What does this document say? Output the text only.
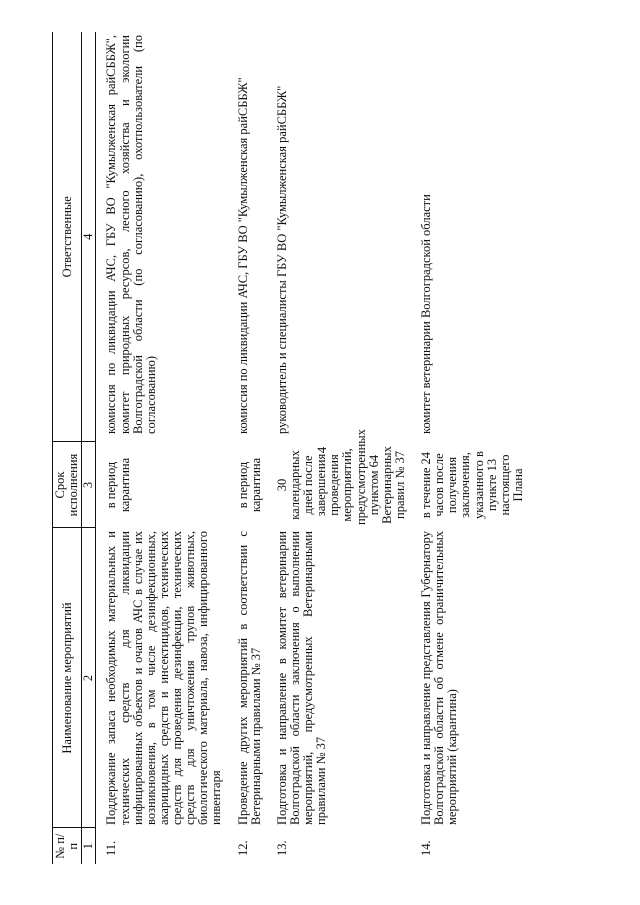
4
№ п/п	Наименование мероприятий	Срок исполнения	Ответственные
1	2	3	4
11.	Поддержание запаса необходимых материальных и технических средств для ликвидации инфицированных объектов и очагов АЧС в случае их возникновения, в том числе дезинфекционных, акарицидных средств и инсектицидов, технических средств для проведения дезинфекции, технических средств для уничтожения трупов животных, биологического материала, навоза, инфицированного инвентаря	в период карантина	комиссия по ликвидации АЧС, ГБУ ВО "Кумылженская райСББЖ", комитет природных ресурсов, лесного хозяйства и экологии Волгоградской области (по согласованию), охотпользователи (по согласованию)
12.	Проведение других мероприятий в соответствии с Ветеринарными правилами № 37	в период карантина	комиссия по ликвидации АЧС, ГБУ ВО "Кумылженская райСББЖ"
13.	Подготовка и направление в комитет ветеринарии Волгоградской области заключения о выполнении мероприятий, предусмотренных Ветеринарными правилами № 37	30 календарных дней после завершения проведения мероприятий, предусмотренных пунктом 64 Ветеринарных правил № 37	руководитель и специалисты ГБУ ВО "Кумылженская райСББЖ"
14.	Подготовка и направление представления Губернатору Волгоградской области об отмене ограничительных мероприятий (карантина)	в течение 24 часов после получения заключения, указанного в пункте 13 настоящего Плана	комитет ветеринарии Волгоградской области
